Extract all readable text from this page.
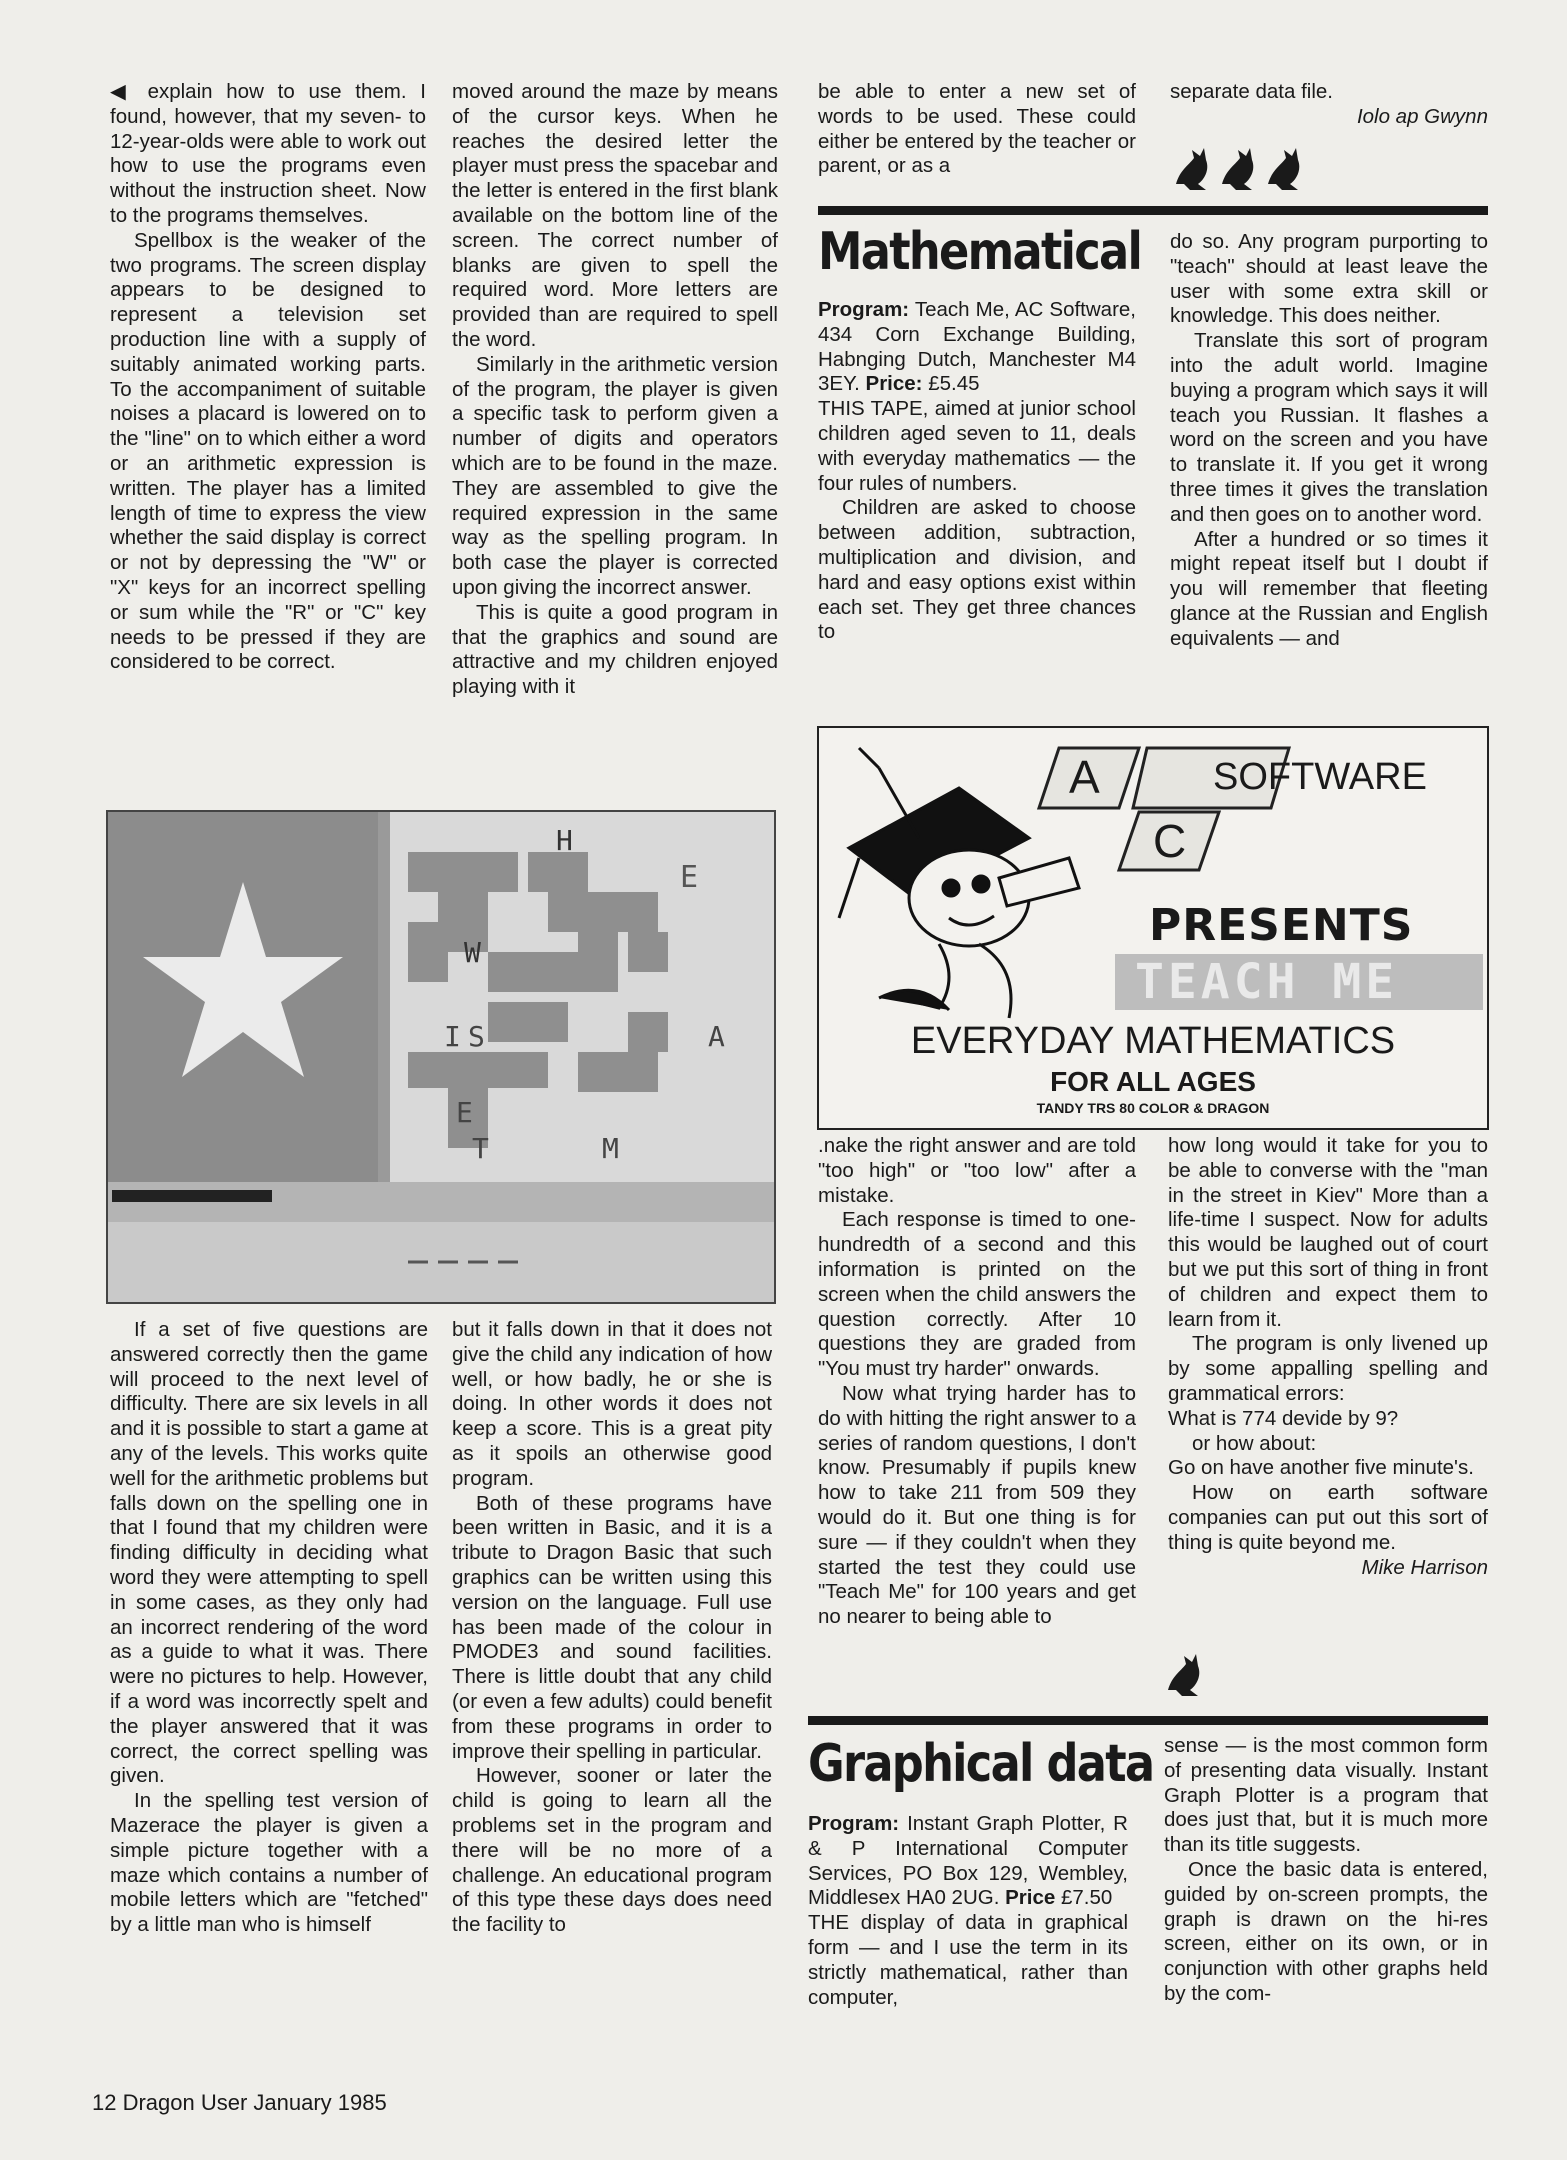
◀ explain how to use them. I found, however, that my seven- to 12-year-olds were able to work out how to use the programs even without the instruction sheet. Now to the programs themselves.

Spellbox is the weaker of the two programs. The screen display appears to be designed to represent a television set production line with a supply of suitably animated working parts. To the accompaniment of suitable noises a placard is lowered on to the "line" on to which either a word or an arithmetic expression is written. The player has a limited length of time to express the view whether the said display is correct or not by depressing the "W" or "X" keys for an incorrect spelling or sum while the "R" or "C" key needs to be pressed if they are considered to be correct.

moved around the maze by means of the cursor keys. When he reaches the desired letter the player must press the spacebar and the letter is entered in the first blank available on the bottom line of the screen. The correct number of blanks are given to spell the required word. More letters are provided than are required to spell the word.

Similarly in the arithmetic version of the program, the player is given a specific task to perform given a number of digits and operators which are to be found in the maze. They are assembled to give the required expression in the same way as the spelling program. In both case the player is corrected upon giving the incorrect answer.

This is quite a good program in that the graphics and sound are attractive and my children enjoyed playing with it

be able to enter a new set of words to be used. These could either be entered by the teacher or parent, or as a

separate data file.

Iolo ap Gwynn
Mathematical

Program: Teach Me, AC Software, 434 Corn Exchange Building, Habnging Dutch, Manchester M4 3EY. Price: £5.45

THIS TAPE, aimed at junior school children aged seven to 11, deals with everyday mathematics — the four rules of numbers.

Children are asked to choose between addition, subtraction, multiplication and division, and hard and easy options exist within each set. They get three chances to

do so. Any program purporting to "teach" should at least leave the user with some extra skill or knowledge. This does neither.

Translate this sort of program into the adult world. Imagine buying a program which says it will teach you Russian. It flashes a word on the screen and you have to translate it. If you get it wrong three times it gives the translation and then goes on to another word.

After a hundred or so times it might repeat itself but I doubt if you will remember that fleeting glance at the Russian and English equivalents — and

A
C
SOFTWARE
PRESENTS
TEACH ME
EVERYDAY MATHEMATICS
FOR ALL AGES
TANDY TRS 80 COLOR & DRAGON
H
E
W
I S	A
E
T	M	.nake the right answer and are told "too high" or "too low" after a mistake.

Each response is timed to one-hundredth of a second and this information is printed on the screen when the child answers the question correctly. After 10 questions they are graded from "You must try harder" onwards.

Now what trying harder has to do with hitting the right answer to a series of random questions, I don't know. Presumably if pupils knew how to take 211 from 509 they would do it. But one thing is for sure — if they couldn't when they started the test they could use "Teach Me" for 100 years and get no nearer to being able to

how long would it take for you to be able to converse with the "man in the street in Kiev" More than a life-time I suspect. Now for adults this would be laughed out of court but we put this sort of thing in front of children and expect them to learn from it.

The program is only livened up by some appalling spelling and grammatical errors:

What is 774 devide by 9?

or how about:

Go on have another five minute's.

How on earth software companies can put out this sort of thing is quite beyond me.

Mike Harrison
Graphical data

Program: Instant Graph Plotter, R & P International Computer Services, PO Box 129, Wembley, Middlesex HA0 2UG. Price £7.50

THE display of data in graphical form — and I use the term in its strictly mathematical, rather than computer,

sense — is the most common form of presenting data visually. Instant Graph Plotter is a program that does just that, but it is much more than its title suggests.

Once the basic data is entered, guided by on-screen prompts, the graph is drawn on the hi-res screen, either on its own, or in conjunction with other graphs held by the com-

If a set of five questions are answered correctly then the game will proceed to the next level of difficulty. There are six levels in all and it is possible to start a game at any of the levels. This works quite well for the arithmetic problems but falls down on the spelling one in that I found that my children were finding difficulty in deciding what word they were attempting to spell in some cases, as they only had an incorrect rendering of the word as a guide to what it was. There were no pictures to help. However, if a word was incorrectly spelt and the player answered that it was correct, the correct spelling was given.

In the spelling test version of Mazerace the player is given a simple picture together with a maze which contains a number of mobile letters which are "fetched" by a little man who is himself

but it falls down in that it does not give the child any indication of how well, or how badly, he or she is doing. In other words it does not keep a score. This is a great pity as it spoils an otherwise good program.

Both of these programs have been written in Basic, and it is a tribute to Dragon Basic that such graphics can be written using this version on the language. Full use has been made of the colour in PMODE3 and sound facilities. There is little doubt that any child (or even a few adults) could benefit from these programs in order to improve their spelling in particular.

However, sooner or later the child is going to learn all the problems set in the program and there will be no more of a challenge. An educational program of this type these days does need the facility to

12 Dragon User January 1985
